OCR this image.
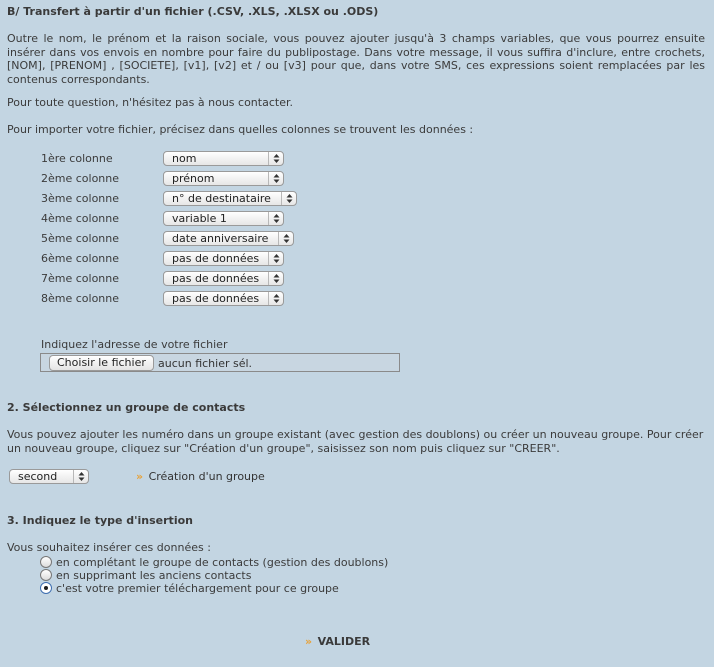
B/ Transfert à partir d'un fichier (.CSV, .XLS, .XLSX ou .ODS)
Outre le nom, le prénom et la raison sociale, vous pouvez ajouter jusqu'à 3 champs variables, que vous pourrez ensuite insérer dans vos envois en nombre pour faire du publipostage. Dans votre message, il vous suffira d'inclure, entre crochets, [NOM], [PRENOM] , [SOCIETE], [v1], [v2] et / ou [v3] pour que, dans votre SMS, ces expressions soient remplacées par les contenus correspondants.
Pour toute question, n'hésitez pas à nous contacter.
Pour importer votre fichier, précisez dans quelles colonnes se trouvent les données :
1ère colonne	nom
2ème colonne	prénom
3ème colonne	n° de destinataire
4ème colonne	variable 1
5ème colonne	date anniversaire
6ème colonne	pas de données
7ème colonne	pas de données
8ème colonne	pas de données
Indiquez l'adresse de votre fichier
Choisir le fichier	aucun fichier sél.
2. Sélectionnez un groupe de contacts
Vous pouvez ajouter les numéro dans un groupe existant (avec gestion des doublons) ou créer un nouveau groupe. Pour créer un nouveau groupe, cliquez sur "Création d'un groupe", saisissez son nom puis cliquez sur "CREER".
second	›› Création d'un groupe
3. Indiquez le type d'insertion
Vous souhaitez insérer ces données :
en complétant le groupe de contacts (gestion des doublons)
en supprimant les anciens contacts
c'est votre premier téléchargement pour ce groupe
›› VALIDER
